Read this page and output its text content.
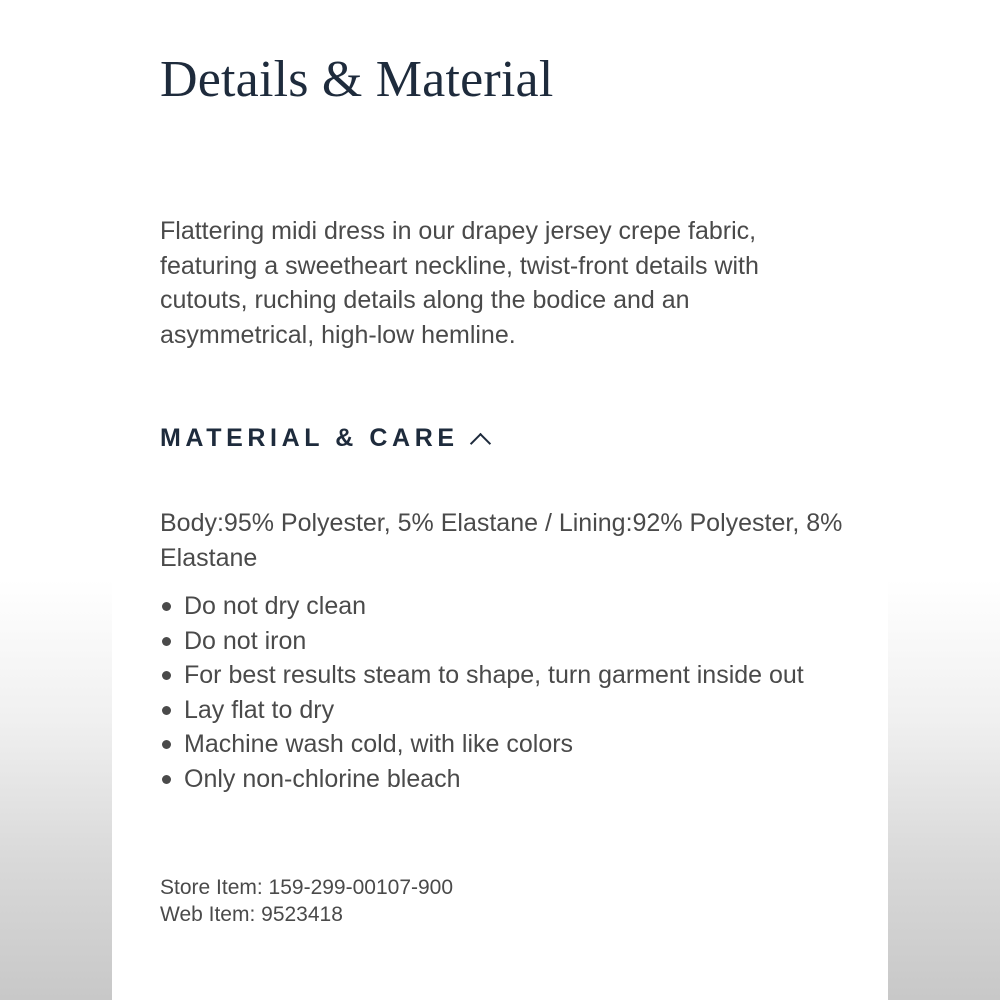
Details & Material

Flattering midi dress in our drapey jersey crepe fabric, featuring a sweetheart neckline, twist-front details with cutouts, ruching details along the bodice and an asymmetrical, high-low hemline.

MATERIAL & CARE

Body:95% Polyester, 5% Elastane / Lining:92% Polyester, 8% Elastane

Do not dry clean
Do not iron
For best results steam to shape, turn garment inside out
Lay flat to dry
Machine wash cold, with like colors
Only non-chlorine bleach
Store Item: 159-299-00107-900
Web Item: 9523418
